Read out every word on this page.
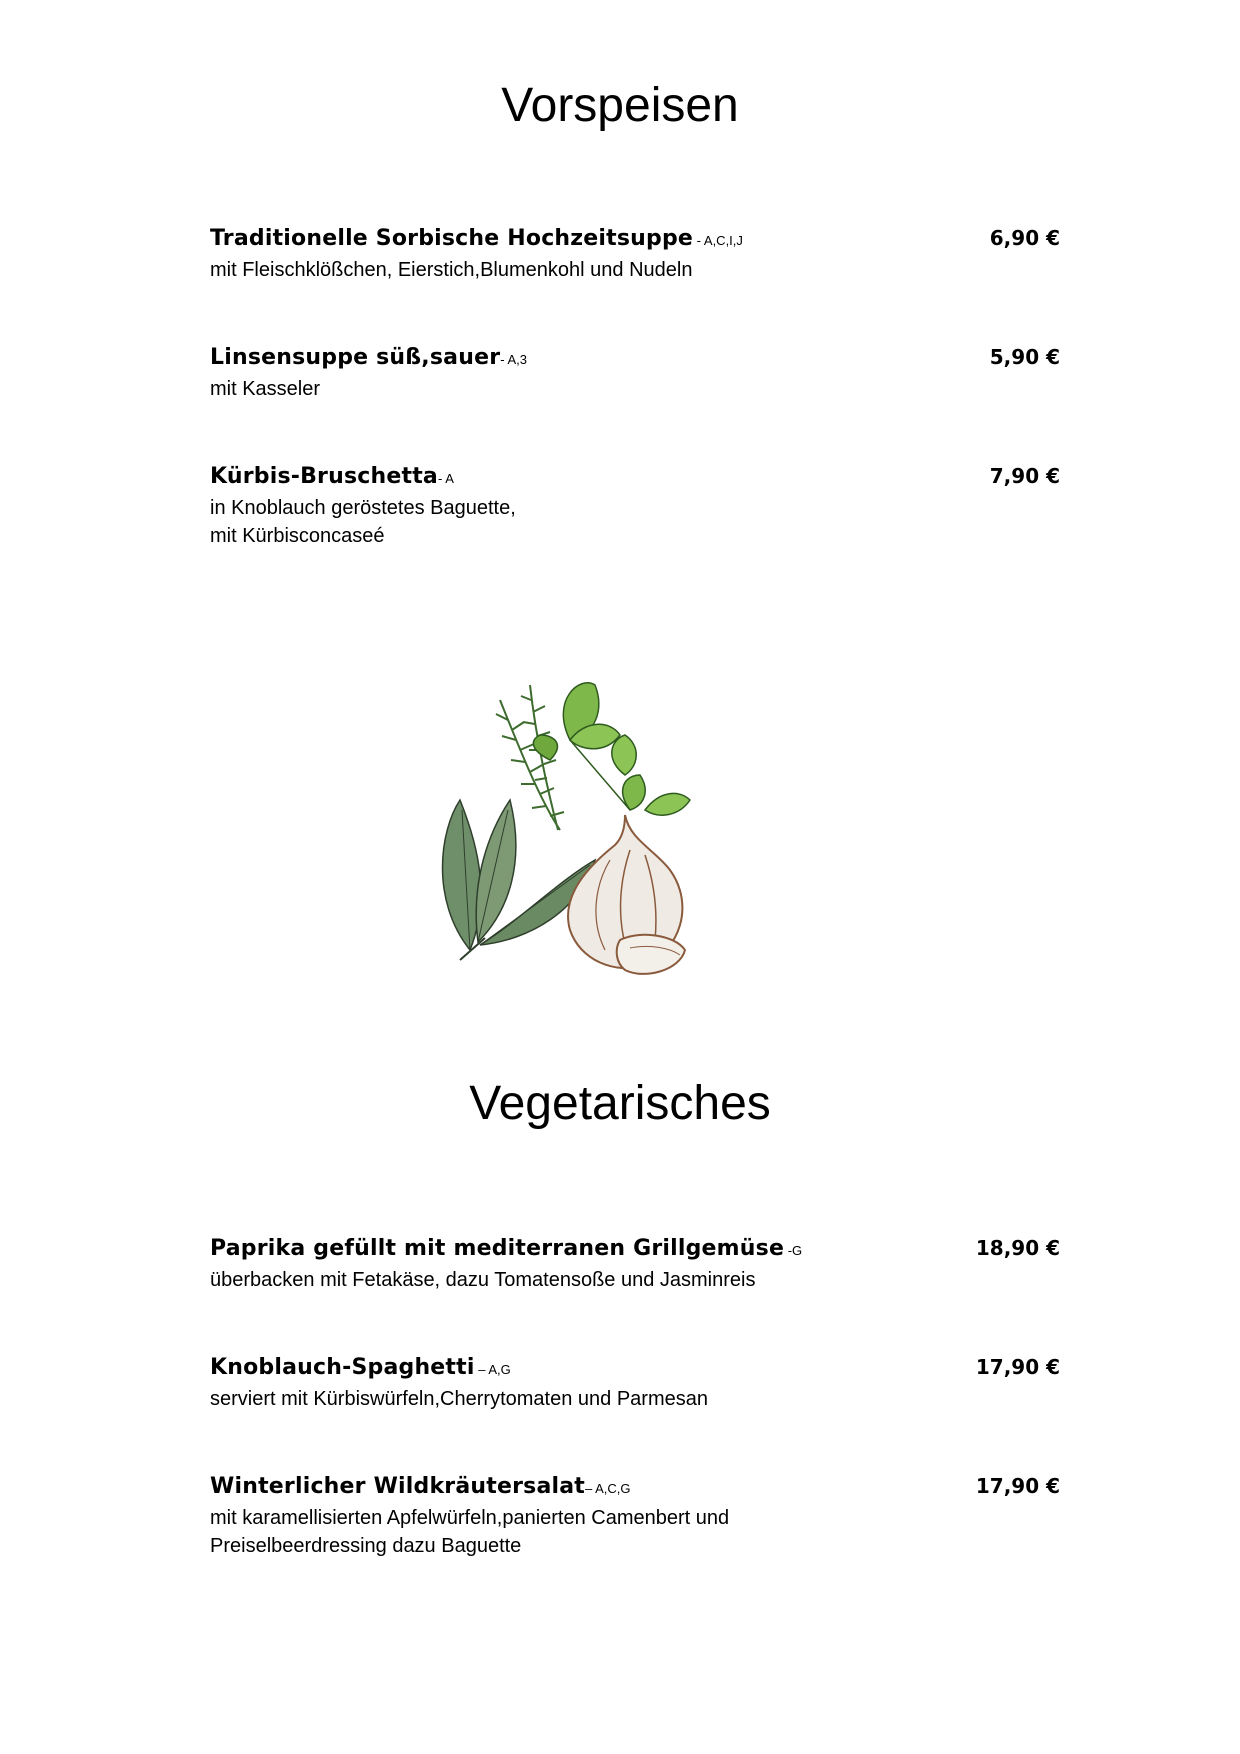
Vorspeisen
Traditionelle Sorbische Hochzeitsuppe - A,C,I,J	6,90 €
mit Fleischklößchen, Eierstich,Blumenkohl und Nudeln
Linsensuppe süß,sauer- A,3	5,90 €
mit Kasseler
Kürbis-Bruschetta- A	7,90 €
in Knoblauch geröstetes Baguette,
mit Kürbisconcaseé
Vegetarisches
Paprika gefüllt mit mediterranen Grillgemüse -G	18,90 €
überbacken mit Fetakäse, dazu Tomatensoße und Jasminreis
Knoblauch-Spaghetti – A,G	17,90 €
serviert mit Kürbiswürfeln,Cherrytomaten und Parmesan
Winterlicher Wildkräutersalat– A,C,G	17,90 €
mit karamellisierten Apfelwürfeln,panierten Camenbert und
Preiselbeerdressing dazu Baguette
